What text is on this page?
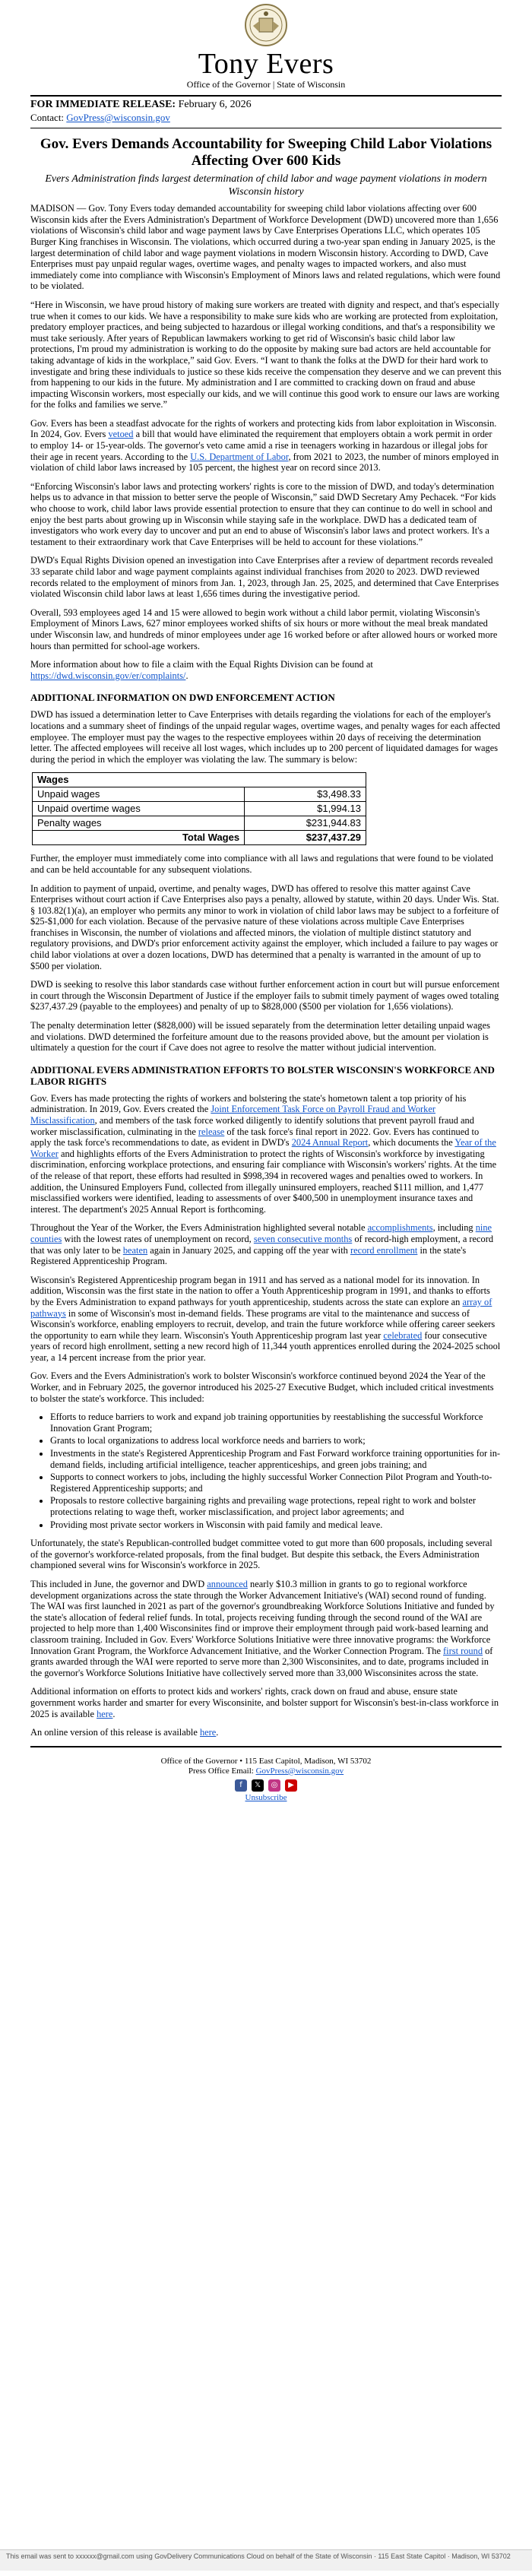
Tony Evers
Office of the Governor | State of Wisconsin

FOR IMMEDIATE RELEASE: February 6, 2026

Contact: GovPress@wisconsin.gov

Gov. Evers Demands Accountability for Sweeping Child Labor Violations Affecting Over 600 Kids
Evers Administration finds largest determination of child labor and wage payment violations in modern Wisconsin history

MADISON — Gov. Tony Evers today demanded accountability for sweeping child labor violations affecting over 600 Wisconsin kids after the Evers Administration's Department of Workforce Development (DWD) uncovered more than 1,656 violations of Wisconsin's child labor and wage payment laws by Cave Enterprises Operations LLC, which operates 105 Burger King franchises in Wisconsin. The violations, which occurred during a two-year span ending in January 2025, is the largest determination of child labor and wage payment violations in modern Wisconsin history. According to DWD, Cave Enterprises must pay unpaid regular wages, overtime wages, and penalty wages to impacted workers, and also must immediately come into compliance with Wisconsin's Employment of Minors laws and related regulations, which were found to be violated.

“Here in Wisconsin, we have proud history of making sure workers are treated with dignity and respect, and that's especially true when it comes to our kids. We have a responsibility to make sure kids who are working are protected from exploitation, predatory employer practices, and being subjected to hazardous or illegal working conditions, and that's a responsibility we must take seriously. After years of Republican lawmakers working to get rid of Wisconsin's basic child labor law protections, I'm proud my administration is working to do the opposite by making sure bad actors are held accountable for taking advantage of kids in the workplace,” said Gov. Evers. “I want to thank the folks at the DWD for their hard work to investigate and bring these individuals to justice so these kids receive the compensation they deserve and we can prevent this from happening to our kids in the future. My administration and I are committed to cracking down on fraud and abuse impacting Wisconsin workers, most especially our kids, and we will continue this good work to ensure our laws are working for the folks and families we serve.”

Gov. Evers has been a steadfast advocate for the rights of workers and protecting kids from labor exploitation in Wisconsin. In 2024, Gov. Evers vetoed a bill that would have eliminated the requirement that employers obtain a work permit in order to employ 14- or 15-year-olds. The governor's veto came amid a rise in teenagers working in hazardous or illegal jobs for their age in recent years. According to the U.S. Department of Labor, from 2021 to 2023, the number of minors employed in violation of child labor laws increased by 105 percent, the highest year on record since 2013.

“Enforcing Wisconsin's labor laws and protecting workers' rights is core to the mission of DWD, and today's determination helps us to advance in that mission to better serve the people of Wisconsin,” said DWD Secretary Amy Pechacek. “For kids who choose to work, child labor laws provide essential protection to ensure that they can continue to do well in school and enjoy the best parts about growing up in Wisconsin while staying safe in the workplace. DWD has a dedicated team of investigators who work every day to uncover and put an end to abuse of Wisconsin's labor laws and protect workers. It's a testament to their extraordinary work that Cave Enterprises will be held to account for these violations.”

DWD's Equal Rights Division opened an investigation into Cave Enterprises after a review of department records revealed 33 separate child labor and wage payment complaints against individual franchises from 2020 to 2023. DWD reviewed records related to the employment of minors from Jan. 1, 2023, through Jan. 25, 2025, and determined that Cave Enterprises violated Wisconsin child labor laws at least 1,656 times during the investigative period.

Overall, 593 employees aged 14 and 15 were allowed to begin work without a child labor permit, violating Wisconsin's Employment of Minors Laws, 627 minor employees worked shifts of six hours or more without the meal break mandated under Wisconsin law, and hundreds of minor employees under age 16 worked before or after allowed hours or worked more hours than permitted for school-age workers.

More information about how to file a claim with the Equal Rights Division can be found at https://dwd.wisconsin.gov/er/complaints/.

ADDITIONAL INFORMATION ON DWD ENFORCEMENT ACTION

DWD has issued a determination letter to Cave Enterprises with details regarding the violations for each of the employer's locations and a summary sheet of findings of the unpaid regular wages, overtime wages, and penalty wages for each affected employee. The employer must pay the wages to the respective employees within 20 days of receiving the determination letter. The affected employees will receive all lost wages, which includes up to 200 percent of liquidated damages for wages during the period in which the employer was violating the law. The summary is below:

Wages	
Unpaid wages	$3,498.33
Unpaid overtime wages	$1,994.13
Penalty wages	$231,944.83
Total Wages	$237,437.29

Further, the employer must immediately come into compliance with all laws and regulations that were found to be violated and can be held accountable for any subsequent violations.

In addition to payment of unpaid, overtime, and penalty wages, DWD has offered to resolve this matter against Cave Enterprises without court action if Cave Enterprises also pays a penalty, allowed by statute, within 20 days. Under Wis. Stat. § 103.82(1)(a), an employer who permits any minor to work in violation of child labor laws may be subject to a forfeiture of $25-$1,000 for each violation. Because of the pervasive nature of these violations across multiple Cave Enterprises franchises in Wisconsin, the number of violations and affected minors, the violation of multiple distinct statutory and regulatory provisions, and DWD's prior enforcement activity against the employer, which included a failure to pay wages or child labor violations at over a dozen locations, DWD has determined that a penalty is warranted in the amount of up to $500 per violation.

DWD is seeking to resolve this labor standards case without further enforcement action in court but will pursue enforcement in court through the Wisconsin Department of Justice if the employer fails to submit timely payment of wages owed totaling $237,437.29 (payable to the employees) and penalty of up to $828,000 ($500 per violation for 1,656 violations).

The penalty determination letter ($828,000) will be issued separately from the determination letter detailing unpaid wages and violations. DWD determined the forfeiture amount due to the reasons provided above, but the amount per violation is ultimately a question for the court if Cave does not agree to resolve the matter without judicial intervention.

ADDITIONAL EVERS ADMINISTRATION EFFORTS TO BOLSTER WISCONSIN'S WORKFORCE AND LABOR RIGHTS

Gov. Evers has made protecting the rights of workers and bolstering the state's hometown talent a top priority of his administration. In 2019, Gov. Evers created the Joint Enforcement Task Force on Payroll Fraud and Worker Misclassification, and members of the task force worked diligently to identify solutions that prevent payroll fraud and worker misclassification, culminating in the release of the task force's final report in 2022. Gov. Evers has continued to apply the task force's recommendations to date, as evident in DWD's 2024 Annual Report, which documents the Year of the Worker and highlights efforts of the Evers Administration to protect the rights of Wisconsin's workforce by investigating discrimination, enforcing workplace protections, and ensuring fair compliance with Wisconsin's workers' rights. At the time of the release of that report, these efforts had resulted in $998,394 in recovered wages and penalties owed to workers. In addition, the Uninsured Employers Fund, collected from illegally uninsured employers, reached $111 million, and 1,477 misclassified workers were identified, leading to assessments of over $400,500 in unemployment insurance taxes and interest. The department's 2025 Annual Report is forthcoming.

Throughout the Year of the Worker, the Evers Administration highlighted several notable accomplishments, including nine counties with the lowest rates of unemployment on record, seven consecutive months of record-high employment, a record that was only later to be beaten again in January 2025, and capping off the year with record enrollment in the state's Registered Apprenticeship Program.

Wisconsin's Registered Apprenticeship program began in 1911 and has served as a national model for its innovation. In addition, Wisconsin was the first state in the nation to offer a Youth Apprenticeship program in 1991, and thanks to efforts by the Evers Administration to expand pathways for youth apprenticeship, students across the state can explore an array of pathways in some of Wisconsin's most in-demand fields. These programs are vital to the maintenance and success of Wisconsin's workforce, enabling employers to recruit, develop, and train the future workforce while offering career seekers the opportunity to earn while they learn. Wisconsin's Youth Apprenticeship program last year celebrated four consecutive years of record high enrollment, setting a new record high of 11,344 youth apprentices enrolled during the 2024-2025 school year, a 14 percent increase from the prior year.

Gov. Evers and the Evers Administration's work to bolster Wisconsin's workforce continued beyond 2024 the Year of the Worker, and in February 2025, the governor introduced his 2025-27 Executive Budget, which included critical investments to bolster the state's workforce. This included:

• Efforts to reduce barriers to work and expand job training opportunities by reestablishing the successful Workforce Innovation Grant Program;
• Grants to local organizations to address local workforce needs and barriers to work;
• Investments in the state's Registered Apprenticeship Program and Fast Forward workforce training opportunities for in-demand fields, including artificial intelligence, teacher apprenticeships, and green jobs training; and
• Supports to connect workers to jobs, including the highly successful Worker Connection Pilot Program and Youth-to-Registered Apprenticeship supports; and
• Proposals to restore collective bargaining rights and prevailing wage protections, repeal right to work and bolster protections relating to wage theft, worker misclassification, and project labor agreements; and
• Providing most private sector workers in Wisconsin with paid family and medical leave.

Unfortunately, the state's Republican-controlled budget committee voted to gut more than 600 proposals, including several of the governor's workforce-related proposals, from the final budget. But despite this setback, the Evers Administration championed several wins for Wisconsin's workforce in 2025.

This included in June, the governor and DWD announced nearly $10.3 million in grants to go to regional workforce development organizations across the state through the Worker Advancement Initiative's (WAI) second round of funding. The WAI was first launched in 2021 as part of the governor's groundbreaking Workforce Solutions Initiative and funded by the state's allocation of federal relief funds. In total, projects receiving funding through the second round of the WAI are projected to help more than 1,400 Wisconsinites find or improve their employment through paid work-based learning and classroom training. Included in Gov. Evers' Workforce Solutions Initiative were three innovative programs: the Workforce Innovation Grant Program, the Workforce Advancement Initiative, and the Worker Connection Program. The first round of grants awarded through the WAI were reported to serve more than 2,300 Wisconsinites, and to date, programs included in the governor's Workforce Solutions Initiative have collectively served more than 33,000 Wisconsinites across the state.

Additional information on efforts to protect kids and workers' rights, crack down on fraud and abuse, ensure state government works harder and smarter for every Wisconsinite, and bolster support for Wisconsin's best-in-class workforce in 2025 is available here.

An online version of this release is available here.

Office of the Governor • 115 East Capitol, Madison, WI 53702
Press Office Email: GovPress@wisconsin.gov
f	𝕏	◎	▶
Unsubscribe
This email was sent to xxxxxx@gmail.com using GovDelivery Communications Cloud on behalf of the State of Wisconsin · 115 East State Capitol · Madison, WI 53702
